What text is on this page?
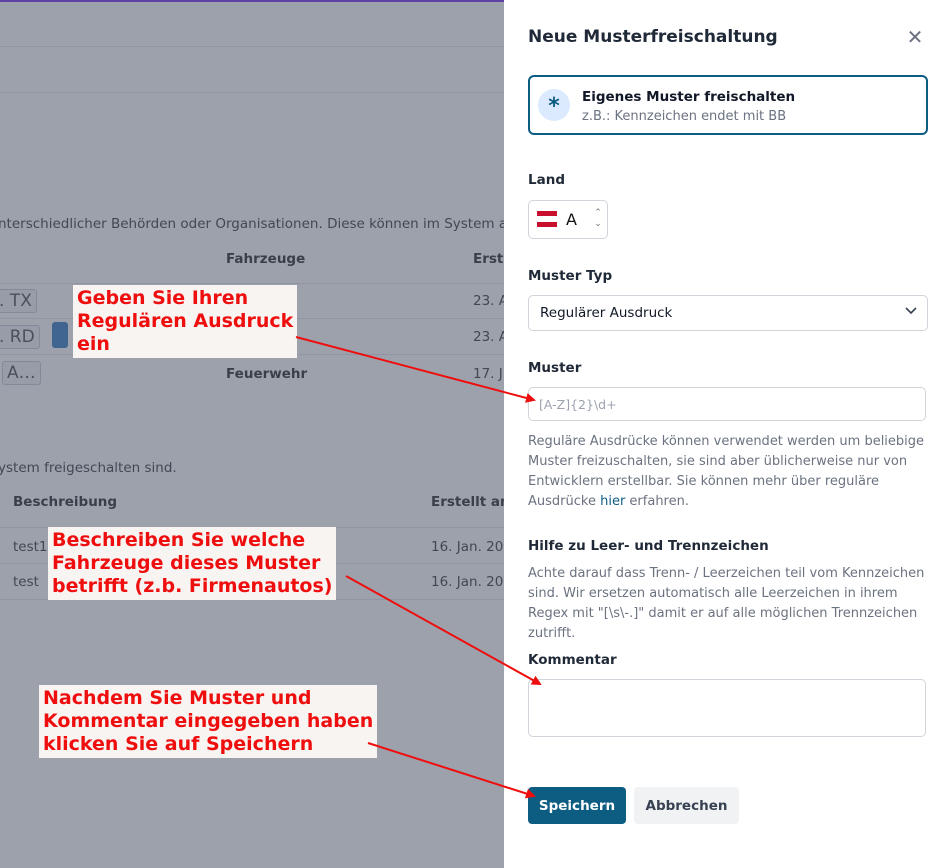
Neue Musterfreischaltung	✕
*	Eigenes Muster freischalten
z.B.: Kennzeichen endet mit BB
Land
A ⌃
⌄
Muster Typ
Regulärer Ausdruck
Muster
[A-Z]{2}\d+
Reguläre Ausdrücke können verwendet werden um beliebige Muster freizuschalten, sie sind aber üblicherweise nur von Entwicklern erstellbar. Sie können mehr über reguläre Ausdrücke hier erfahren.
Hilfe zu Leer- und Trennzeichen
Achte darauf dass Trenn- / Leerzeichen teil vom Kennzeichen sind. Wir ersetzen automatisch alle Leerzeichen in ihrem Regex mit "[\s\-.]" damit er auf alle möglichen Trennzeichen zutrifft.
Kommentar
Speichern	Abbrechen
Geben Sie Ihren
Regulären Ausdruck
ein
Beschreiben Sie welche
Fahrzeuge dieses Muster
betrifft (z.b. Firmenautos)
Nachdem Sie Muster und
Kommentar eingegeben haben
klicken Sie auf Speichern
